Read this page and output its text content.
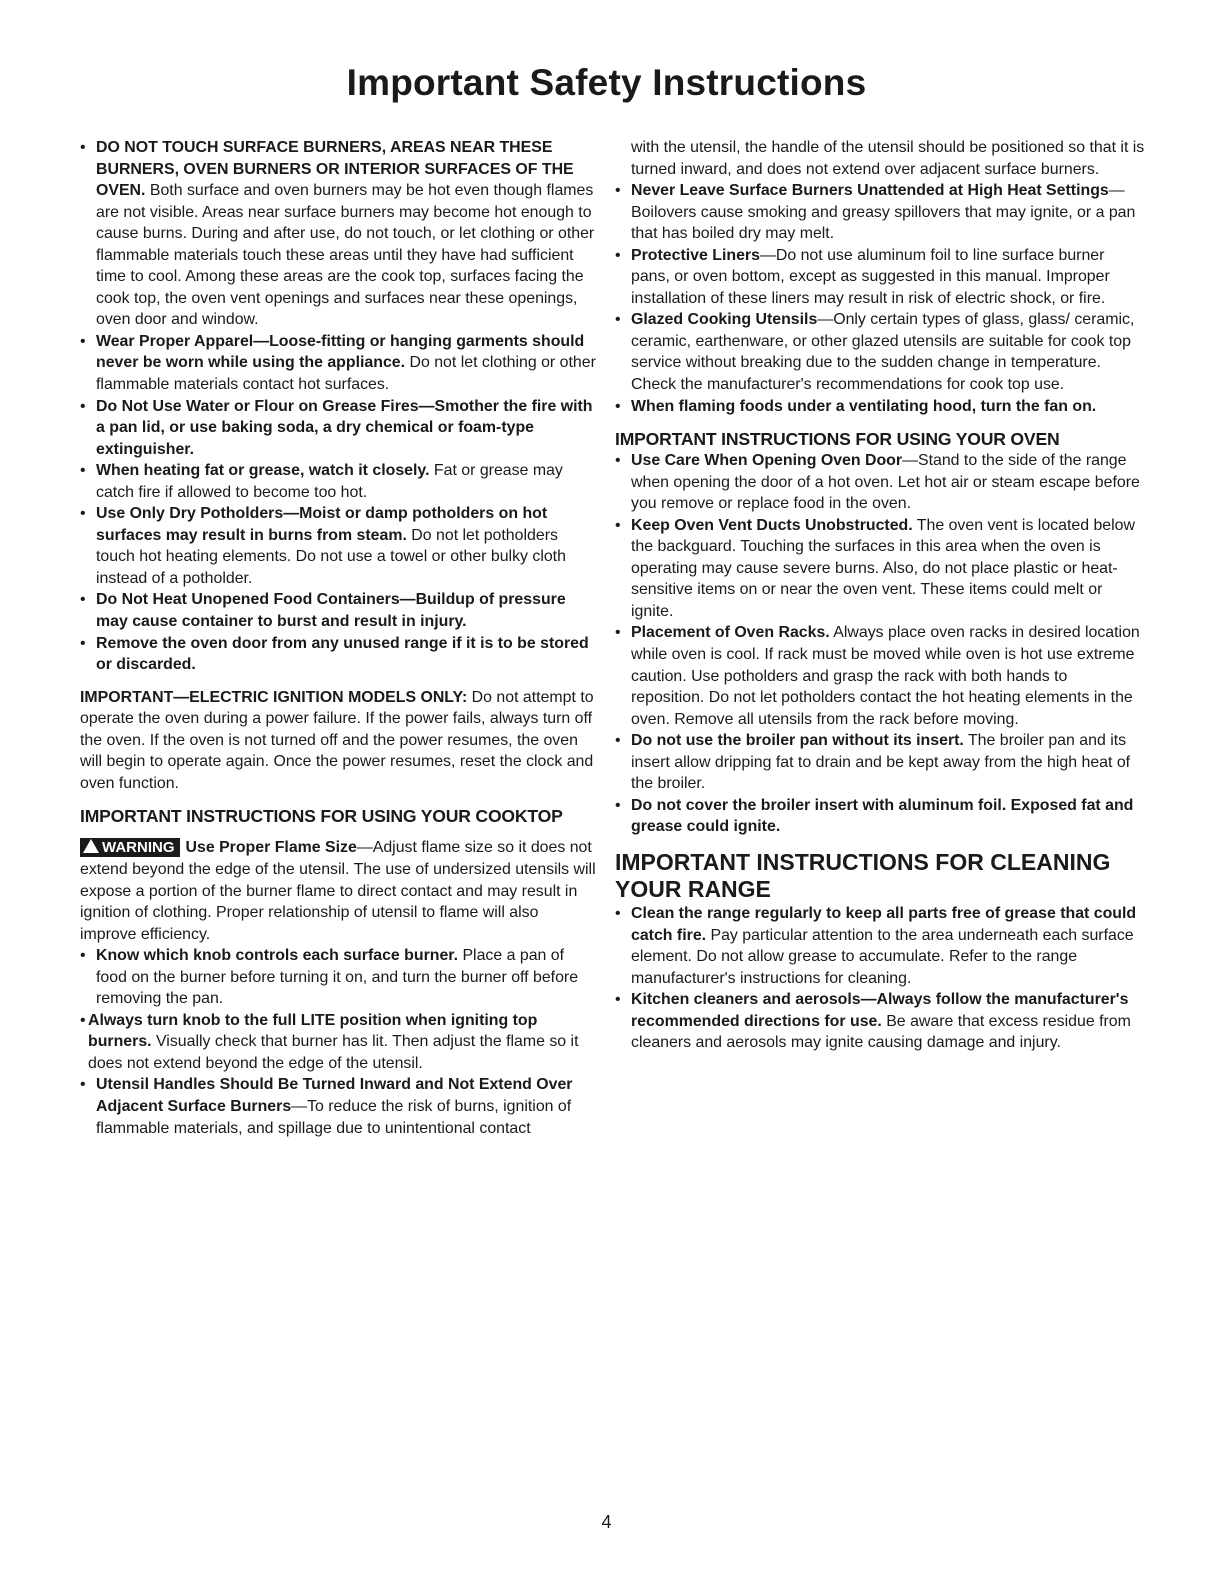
Important Safety Instructions

• DO NOT TOUCH SURFACE BURNERS, AREAS NEAR THESE BURNERS, OVEN BURNERS OR INTERIOR SURFACES OF THE OVEN. Both surface and oven burners may be hot even though flames are not visible. Areas near surface burners may become hot enough to cause burns. During and after use, do not touch, or let clothing or other flammable materials touch these areas until they have had sufficient time to cool. Among these areas are the cook top, surfaces facing the cook top, the oven vent openings and surfaces near these openings, oven door and window.

• Wear Proper Apparel—Loose-fitting or hanging garments should never be worn while using the appliance. Do not let clothing or other flammable materials contact hot surfaces.

• Do Not Use Water or Flour on Grease Fires—Smother the fire with a pan lid, or use baking soda, a dry chemical or foam-type extinguisher.

• When heating fat or grease, watch it closely. Fat or grease may catch fire if allowed to become too hot.

• Use Only Dry Potholders—Moist or damp potholders on hot surfaces may result in burns from steam. Do not let potholders touch hot heating elements. Do not use a towel or other bulky cloth instead of a potholder.

• Do Not Heat Unopened Food Containers—Buildup of pressure may cause container to burst and result in injury.

• Remove the oven door from any unused range if it is to be stored or discarded.

IMPORTANT—ELECTRIC IGNITION MODELS ONLY: Do not attempt to operate the oven during a power failure. If the power fails, always turn off the oven. If the oven is not turned off and the power resumes, the oven will begin to operate again. Once the power resumes, reset the clock and oven function.

IMPORTANT INSTRUCTIONS FOR USING YOUR COOKTOP

WARNING Use Proper Flame Size—Adjust flame size so it does not extend beyond the edge of the utensil. The use of undersized utensils will expose a portion of the burner flame to direct contact and may result in ignition of clothing. Proper relationship of utensil to flame will also improve efficiency.

• Know which knob controls each surface burner. Place a pan of food on the burner before turning it on, and turn the burner off before removing the pan.

• Always turn knob to the full LITE position when igniting top burners. Visually check that burner has lit. Then adjust the flame so it does not extend beyond the edge of the utensil.

• Utensil Handles Should Be Turned Inward and Not Extend Over Adjacent Surface Burners—To reduce the risk of burns, ignition of flammable materials, and spillage due to unintentional contact

with the utensil, the handle of the utensil should be positioned so that it is turned inward, and does not extend over adjacent surface burners.

• Never Leave Surface Burners Unattended at High Heat Settings—Boilovers cause smoking and greasy spillovers that may ignite, or a pan that has boiled dry may melt.

• Protective Liners—Do not use aluminum foil to line surface burner pans, or oven bottom, except as suggested in this manual. Improper installation of these liners may result in risk of electric shock, or fire.

• Glazed Cooking Utensils—Only certain types of glass, glass/ ceramic, ceramic, earthenware, or other glazed utensils are suitable for cook top service without breaking due to the sudden change in temperature. Check the manufacturer's recommendations for cook top use.

• When flaming foods under a ventilating hood, turn the fan on.

IMPORTANT INSTRUCTIONS FOR USING YOUR OVEN

• Use Care When Opening Oven Door—Stand to the side of the range when opening the door of a hot oven. Let hot air or steam escape before you remove or replace food in the oven.

• Keep Oven Vent Ducts Unobstructed. The oven vent is located below the backguard. Touching the surfaces in this area when the oven is operating may cause severe burns. Also, do not place plastic or heat-sensitive items on or near the oven vent. These items could melt or ignite.

• Placement of Oven Racks. Always place oven racks in desired location while oven is cool. If rack must be moved while oven is hot use extreme caution. Use potholders and grasp the rack with both hands to reposition. Do not let potholders contact the hot heating elements in the oven. Remove all utensils from the rack before moving.

• Do not use the broiler pan without its insert. The broiler pan and its insert allow dripping fat to drain and be kept away from the high heat of the broiler.

• Do not cover the broiler insert with aluminum foil. Exposed fat and grease could ignite.

IMPORTANT INSTRUCTIONS FOR CLEANING YOUR RANGE

• Clean the range regularly to keep all parts free of grease that could catch fire. Pay particular attention to the area underneath each surface element. Do not allow grease to accumulate. Refer to the range manufacturer's instructions for cleaning.

• Kitchen cleaners and aerosols—Always follow the manufacturer's recommended directions for use. Be aware that excess residue from cleaners and aerosols may ignite causing damage and injury.

4
